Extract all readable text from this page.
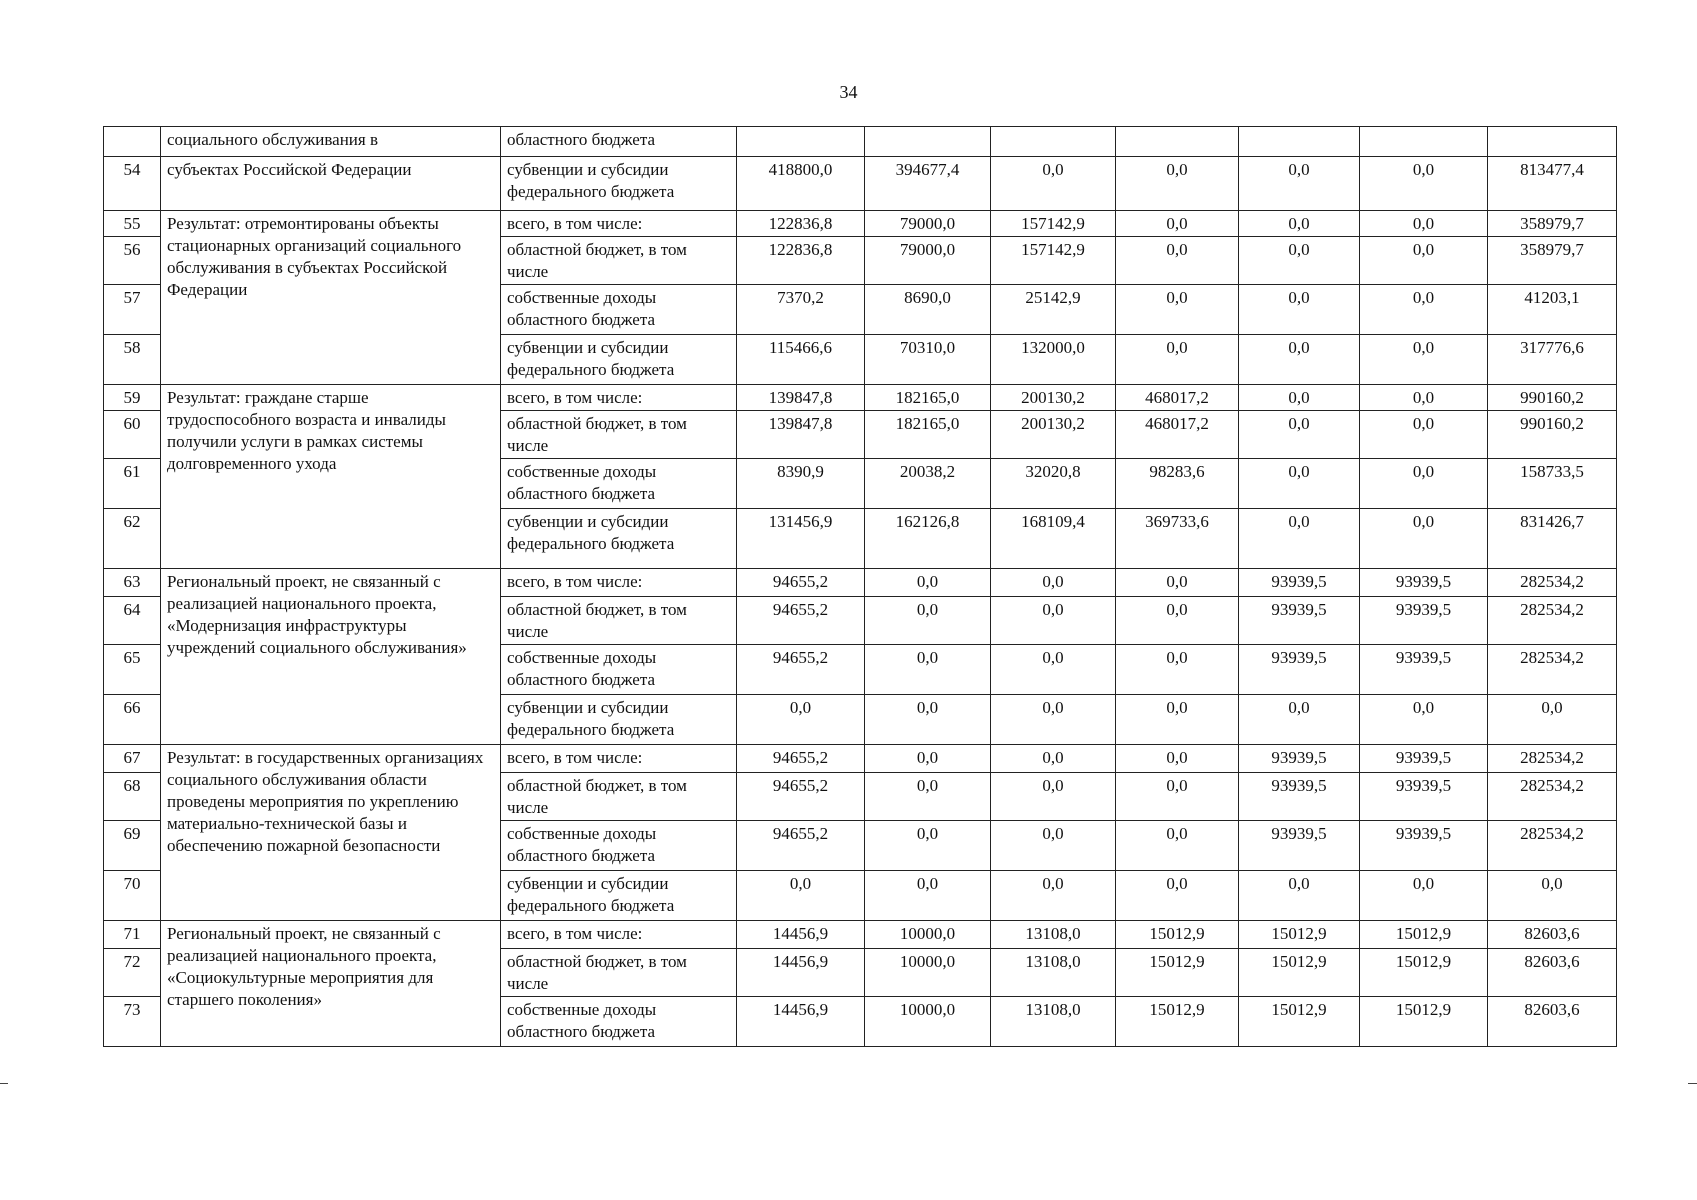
34
	социального обслуживания в	областного бюджета							
54	субъектах Российской Федерации	субвенции и субсидии федерального бюджета	418800,0	394677,4	0,0	0,0	0,0	0,0	813477,4
55	Результат: отремонтированы объекты стационарных организаций социального обслуживания в субъектах Российской Федерации	всего, в том числе:	122836,8	79000,0	157142,9	0,0	0,0	0,0	358979,7
56		областной бюджет, в том числе	122836,8	79000,0	157142,9	0,0	0,0	0,0	358979,7
57		собственные доходы областного бюджета	7370,2	8690,0	25142,9	0,0	0,0	0,0	41203,1
58		субвенции и субсидии федерального бюджета	115466,6	70310,0	132000,0	0,0	0,0	0,0	317776,6
59	Результат: граждане старше трудоспособного возраста и инвалиды получили услуги в рамках системы долговременного ухода	всего, в том числе:	139847,8	182165,0	200130,2	468017,2	0,0	0,0	990160,2
60		областной бюджет, в том числе	139847,8	182165,0	200130,2	468017,2	0,0	0,0	990160,2
61		собственные доходы областного бюджета	8390,9	20038,2	32020,8	98283,6	0,0	0,0	158733,5
62		субвенции и субсидии федерального бюджета	131456,9	162126,8	168109,4	369733,6	0,0	0,0	831426,7
63	Региональный проект, не связанный с реализацией национального проекта, «Модернизация инфраструктуры учреждений социального обслуживания»	всего, в том числе:	94655,2	0,0	0,0	0,0	93939,5	93939,5	282534,2
64		областной бюджет, в том числе	94655,2	0,0	0,0	0,0	93939,5	93939,5	282534,2
65		собственные доходы областного бюджета	94655,2	0,0	0,0	0,0	93939,5	93939,5	282534,2
66		субвенции и субсидии федерального бюджета	0,0	0,0	0,0	0,0	0,0	0,0	0,0
67	Результат: в государственных организациях социального обслуживания области проведены мероприятия по укреплению материально-технической базы и обеспечению пожарной безопасности	всего, в том числе:	94655,2	0,0	0,0	0,0	93939,5	93939,5	282534,2
68		областной бюджет, в том числе	94655,2	0,0	0,0	0,0	93939,5	93939,5	282534,2
69		собственные доходы областного бюджета	94655,2	0,0	0,0	0,0	93939,5	93939,5	282534,2
70		субвенции и субсидии федерального бюджета	0,0	0,0	0,0	0,0	0,0	0,0	0,0
71	Региональный проект, не связанный с реализацией национального проекта, «Социокультурные мероприятия для старшего поколения»	всего, в том числе:	14456,9	10000,0	13108,0	15012,9	15012,9	15012,9	82603,6
72		областной бюджет, в том числе	14456,9	10000,0	13108,0	15012,9	15012,9	15012,9	82603,6
73		собственные доходы областного бюджета	14456,9	10000,0	13108,0	15012,9	15012,9	15012,9	82603,6
